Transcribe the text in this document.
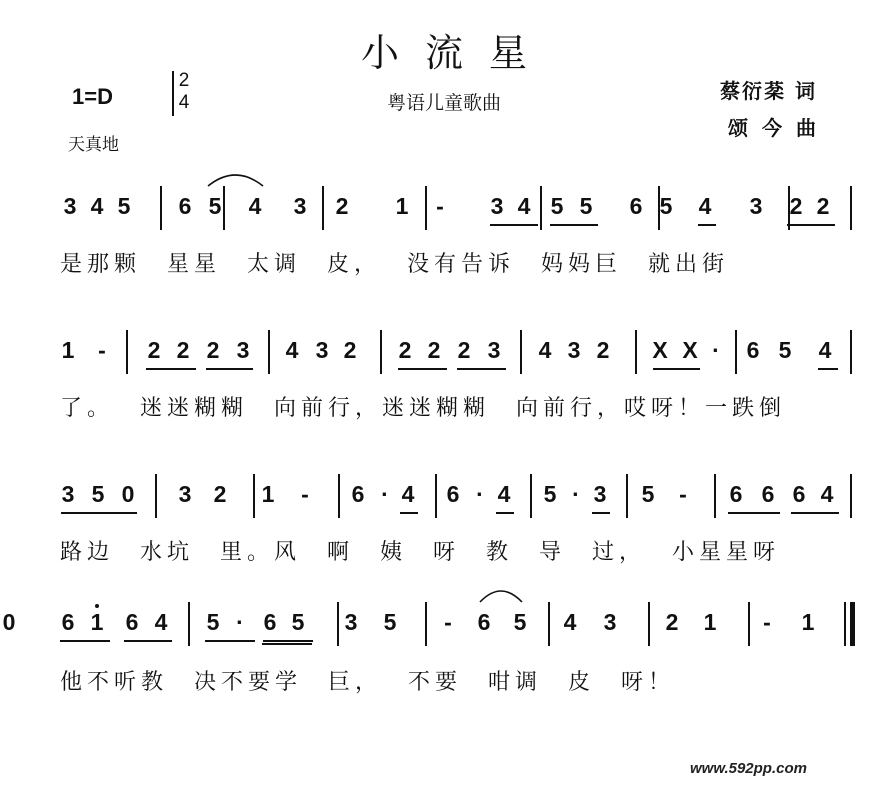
小流星
粤语儿童歌曲
1=D
2
4
天真地
蔡衍棻 词
颂今曲
3 4 5 6 5 4 3 2 1 - 3 4 5 5 6 5 4 3 2 2
是那颗 星星 太调 皮， 没有告诉 妈妈巨 就出街
1 - 2 2 2 3 4 3 2 2 2 2 3 4 3 2 X X · 6 5 4
了。 迷迷糊糊 向前行，迷迷糊糊 向前行，哎呀！一跌倒
3 5 0 3 2 1 - 6 · 4 6 · 4 5 · 3 5 - 6 6 6 4
路边 水坑 里。风 啊 姨 呀 教 导 过， 小星星呀
6 1 6 4 5 · 6 5 3 5 - 6 5 4 3 2 1 - 1
0
他不听教 决不要学 巨， 不要 咁调 皮 呀！
www.592pp.com
